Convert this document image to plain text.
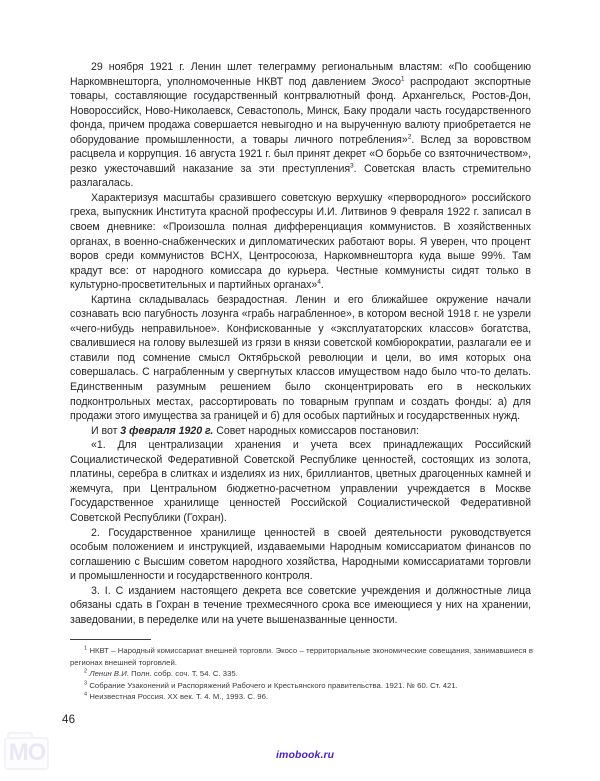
29 ноября 1921 г. Ленин шлет телеграмму региональным властям: «По сообщению Наркомвнешторга, уполномоченные НКВТ под давлением Экосо$^1$ распродают экспортные товары, составляющие государственный контрвалютный фонд. Архангельск, Ростов-Дон, Новороссийск, Ново-Николаевск, Севастополь, Минск, Баку продали часть государственного фонда, причем продажа совершается невыгодно и на вырученную валюту приобретается не оборудование промышленности, а товары личного потребления»$^2$. Вслед за воровством расцвела и коррупция. 16 августа 1921 г. был принят декрет «О борьбе со взяточничеством», резко ужесточавший наказание за эти преступления$^3$. Советская власть стремительно разлагалась.

Характеризуя масштабы сразившего советскую верхушку «первородного» российского греха, выпускник Института красной профессуры И.И. Литвинов 9 февраля 1922 г. записал в своем дневнике: «Произошла полная дифференциация коммунистов. В хозяйственных органах, в военно-снабженческих и дипломатических работают воры. Я уверен, что процент воров среди коммунистов ВСНХ, Центросоюза, Наркомвнешторга куда выше 99%. Там крадут все: от народного комиссара до курьера. Честные коммунисты сидят только в культурно-просветительных и партийных органах»$^4$.

Картина складывалась безрадостная. Ленин и его ближайшее окружение начали сознавать всю пагубность лозунга «грабь награбленное», в котором весной 1918 г. не узрели «чего-нибудь неправильное». Конфискованные у «эксплуататорских классов» богатства, свалившиеся на голову вылезшей из грязи в князи советской комбюрократии, разлагали ее и ставили под сомнение смысл Октябрьской революции и цели, во имя которых она совершалась. С награбленным у свергнутых классов имуществом надо было что-то делать. Единственным разумным решением было сконцентрировать его в нескольких подконтрольных местах, рассортировать по товарным группам и создать фонды: а) для продажи этого имущества за границей и б) для особых партийных и государственных нужд.

И вот 3 февраля 1920 г. Совет народных комиссаров постановил:

«1. Для централизации хранения и учета всех принадлежащих Российский Социалистической Федеративной Советской Республике ценностей, состоящих из золота, платины, серебра в слитках и изделиях из них, бриллиантов, цветных драгоценных камней и жемчуга, при Центральном бюджетно-расчетном управлении учреждается в Москве Государственное хранилище ценностей Российской Социалистической Федеративной Советской Республики (Гохран).

2. Государственное хранилище ценностей в своей деятельности руководствуется особым положением и инструкцией, издаваемыми Народным комиссариатом финансов по соглашению с Высшим советом народного хозяйства, Народными комиссариатами торговли и промышленности и государственного контроля.

3. I. С изданием настоящего декрета все советские учреждения и должностные лица обязаны сдать в Гохран в течение трехмесячного срока все имеющиеся у них на хранении, заведовании, в переделке или на учете вышеназванные ценности.

$^1$ НКВТ – Народный комиссариат внешней торговли. Экосо – территориальные экономические совещания, занимавшиеся в регионах внешней торговлей.

$^2$ Ленин В.И. Полн. собр. соч. Т. 54. С. 335.

$^3$ Собрание Узаконений и Распоряжений Рабочего и Крестьянского правительства. 1921. № 60. Ст. 421.

$^4$ Неизвестная Россия. XX век. Т. 4. М., 1993. С. 96.

46
imobook.ru
MO
